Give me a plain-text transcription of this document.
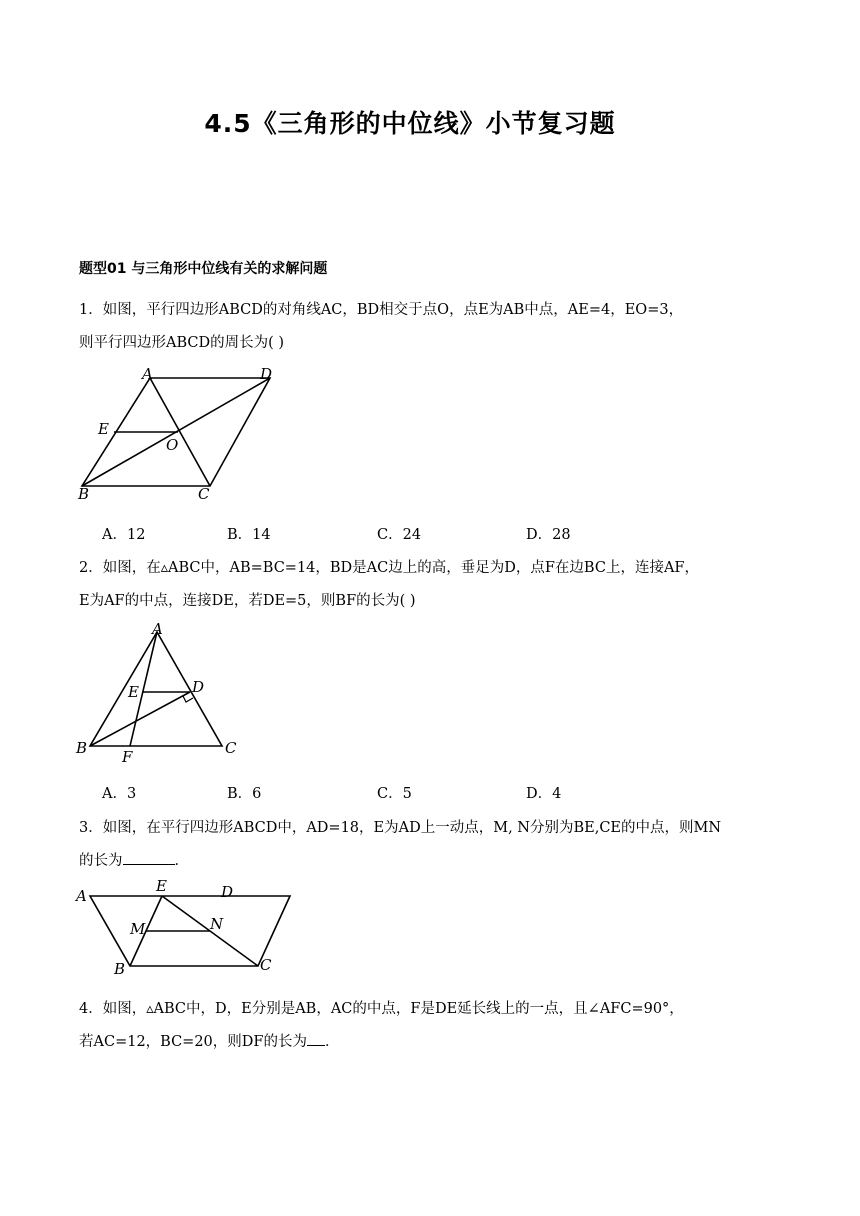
4.5《三角形的中位线》小节复习题
题型01 与三角形中位线有关的求解问题
1．如图，平行四边形ABCD的对角线AC，BD相交于点O，点E为AB中点，AE=4，EO=3，
则平行四边形ABCD的周长为( )
A	D
E
O
B	C
A．12	B．14	C．24	D．28
2．如图，在▵ABC中，AB=BC=14，BD是AC边上的高，垂足为D，点F在边BC上，连接AF，
E为AF的中点，连接DE，若DE=5，则BF的长为( )
A
E	D
B F	C
A．3	B．6	C．5	D．4
3．如图，在平行四边形ABCD中，AD=18，E为AD上一动点，M, N分别为BE,CE的中点，则MN
的长为	．
A
E	D
M	N
B	C
4．如图，▵ABC中，D，E分别是AB，AC的中点，F是DE延长线上的一点，且∠AFC=90°，
若AC=12，BC=20，则DF的长为 ．
